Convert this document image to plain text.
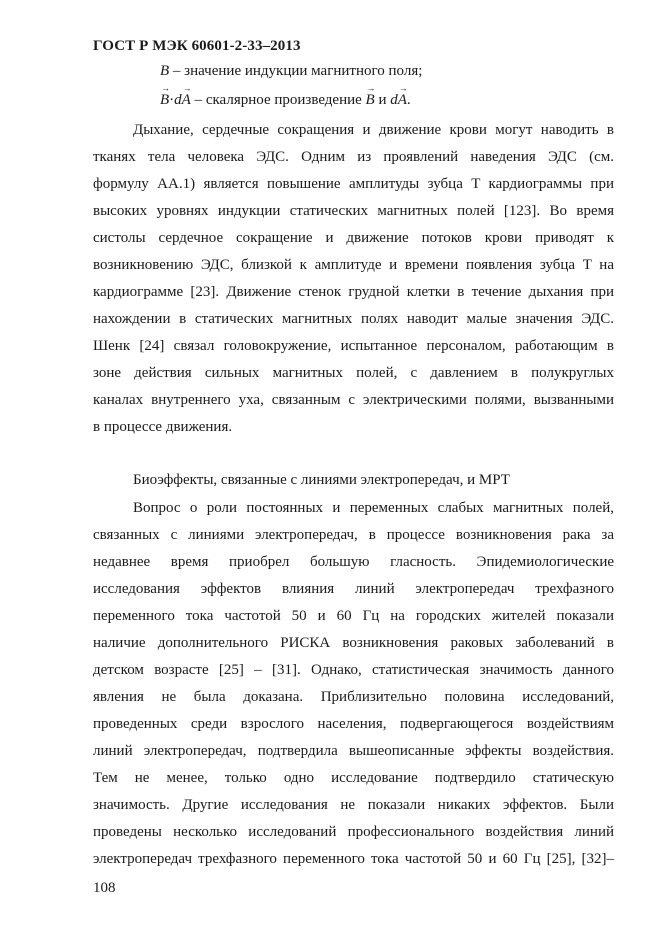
ГОСТ Р МЭК 60601-2-33–2013
B – значение индукции магнитного поля;
B →·dA → – скалярное произведение B → и dA →.
Дыхание, сердечные сокращения и движение крови могут наводить в
тканях тела человека ЭДС. Одним из проявлений наведения ЭДС (см.
формулу АА.1) является повышение амплитуды зубца T кардиограммы при
высоких уровнях индукции статических магнитных полей [123]. Во время
систолы сердечное сокращение и движение потоков крови приводят к
возникновению ЭДС, близкой к амплитуде и времени появления зубца T на
кардиограмме [23]. Движение стенок грудной клетки в течение дыхания при
нахождении в статических магнитных полях наводит малые значения ЭДС.
Шенк [24] связал головокружение, испытанное персоналом, работающим в
зоне действия сильных магнитных полей, с давлением в полукруглых
каналах внутреннего уха, связанным с электрическими полями, вызванными
в процессе движения.
Биоэффекты, связанные с линиями электропередач, и МРТ
Вопрос о роли постоянных и переменных слабых магнитных полей,
связанных с линиями электропередач, в процессе возникновения рака за
недавнее время приобрел большую гласность. Эпидемиологические
исследования эффектов влияния линий электропередач трехфазного
переменного тока частотой 50 и 60 Гц на городских жителей показали
наличие дополнительного РИСКА возникновения раковых заболеваний в
детском возрасте [25] – [31]. Однако, статистическая значимость данного
явления не была доказана. Приблизительно половина исследований,
проведенных среди взрослого населения, подвергающегося воздействиям
линий электропередач, подтвердила вышеописанные эффекты воздействия.
Тем не менее, только одно исследование подтвердило статическую
значимость. Другие исследования не показали никаких эффектов. Были
проведены несколько исследований профессионального воздействия линий
электропередач трехфазного переменного тока частотой 50 и 60 Гц [25], [32]–
108
